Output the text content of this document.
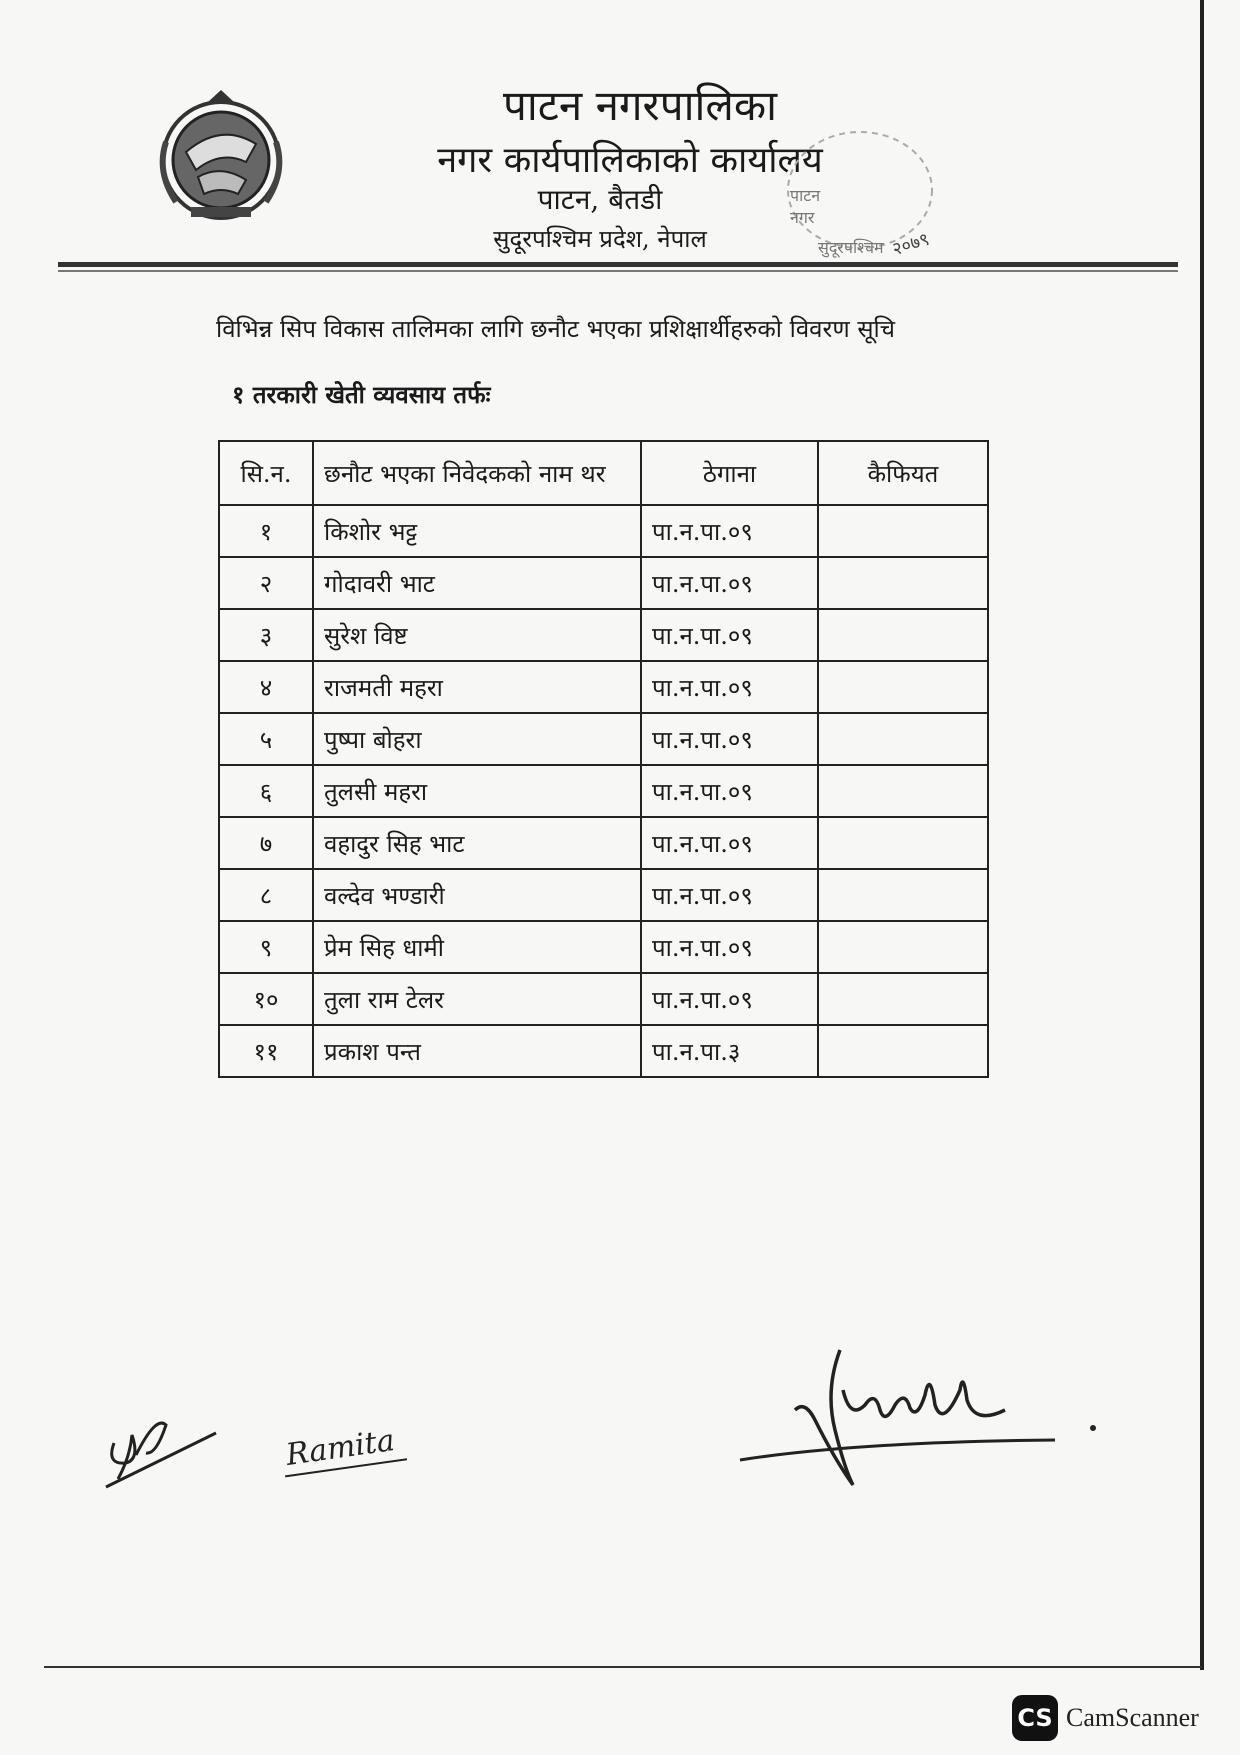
पाटन नगरपालिका
नगर कार्यपालिकाको कार्यालय
पाटन, बैतडी
सुदूरपश्चिम प्रदेश, नेपाल
पाटन
नगर
सुदूरपश्चिम २०७९
विभिन्न सिप विकास तालिमका लागि छनौट भएका प्रशिक्षार्थीहरुको विवरण सूचि
१ तरकारी खेती व्यवसाय तर्फः
सि.न.	छनौट भएका निवेदकको नाम थर	ठेगाना	कैफियत
१	किशोर भट्ट	पा.न.पा.०९	
२	गोदावरी भाट	पा.न.पा.०९	
३	सुरेश विष्ट	पा.न.पा.०९	
४	राजमती महरा	पा.न.पा.०९	
५	पुष्पा बोहरा	पा.न.पा.०९	
६	तुलसी महरा	पा.न.पा.०९	
७	वहादुर सिह भाट	पा.न.पा.०९	
८	वल्देव भण्डारी	पा.न.पा.०९	
९	प्रेम सिह धामी	पा.न.पा.०९	
१०	तुला राम टेलर	पा.न.पा.०९	
११	प्रकाश पन्त	पा.न.पा.३	
Ramita
CS CamScanner
